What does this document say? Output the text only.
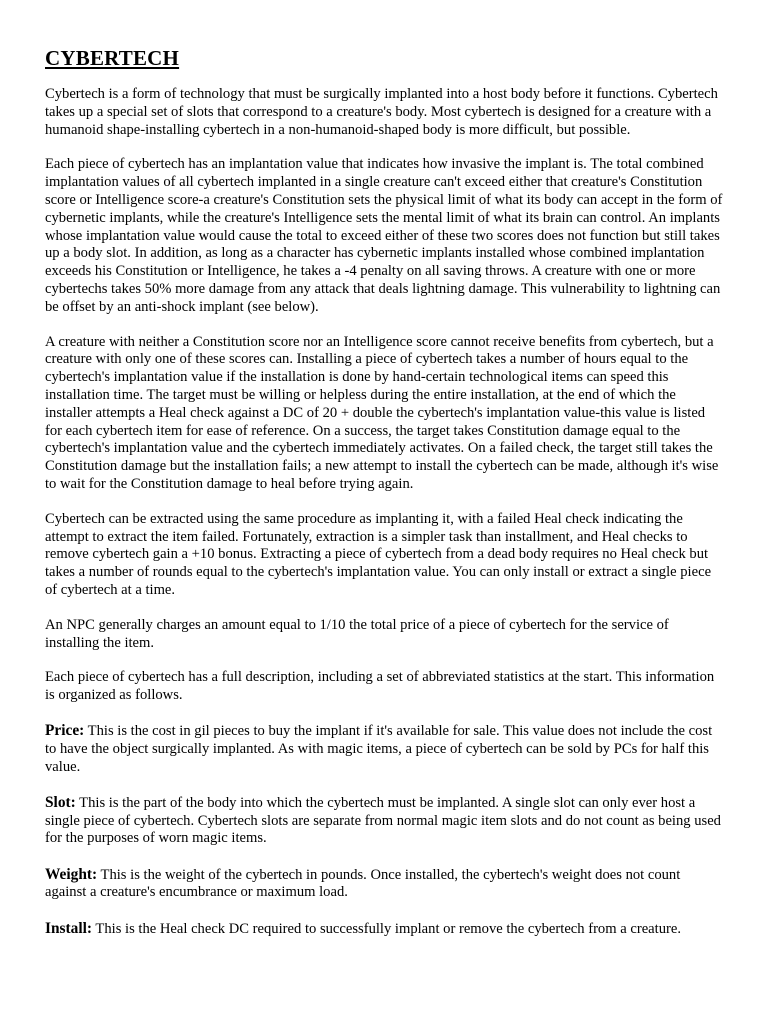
CYBERTECH

Cybertech is a form of technology that must be surgically implanted into a host body before it functions. Cybertech takes up a special set of slots that correspond to a creature's body. Most cybertech is designed for a creature with a humanoid shape-installing cybertech in a non-humanoid-shaped body is more difficult, but possible.

Each piece of cybertech has an implantation value that indicates how invasive the implant is. The total combined implantation values of all cybertech implanted in a single creature can't exceed either that creature's Constitution score or Intelligence score-a creature's Constitution sets the physical limit of what its body can accept in the form of cybernetic implants, while the creature's Intelligence sets the mental limit of what its brain can control. An implants whose implantation value would cause the total to exceed either of these two scores does not function but still takes up a body slot. In addition, as long as a character has cybernetic implants installed whose combined implantation exceeds his Constitution or Intelligence, he takes a -4 penalty on all saving throws. A creature with one or more cybertechs takes 50% more damage from any attack that deals lightning damage. This vulnerability to lightning can be offset by an anti-shock implant (see below).

A creature with neither a Constitution score nor an Intelligence score cannot receive benefits from cybertech, but a creature with only one of these scores can. Installing a piece of cybertech takes a number of hours equal to the cybertech's implantation value if the installation is done by hand-certain technological items can speed this installation time. The target must be willing or helpless during the entire installation, at the end of which the installer attempts a Heal check against a DC of 20 + double the cybertech's implantation value-this value is listed for each cybertech item for ease of reference. On a success, the target takes Constitution damage equal to the cybertech's implantation value and the cybertech immediately activates. On a failed check, the target still takes the Constitution damage but the installation fails; a new attempt to install the cybertech can be made, although it's wise to wait for the Constitution damage to heal before trying again.

Cybertech can be extracted using the same procedure as implanting it, with a failed Heal check indicating the attempt to extract the item failed. Fortunately, extraction is a simpler task than installment, and Heal checks to remove cybertech gain a +10 bonus. Extracting a piece of cybertech from a dead body requires no Heal check but takes a number of rounds equal to the cybertech's implantation value. You can only install or extract a single piece of cybertech at a time.

An NPC generally charges an amount equal to 1/10 the total price of a piece of cybertech for the service of installing the item.

Each piece of cybertech has a full description, including a set of abbreviated statistics at the start. This information is organized as follows.

Price: This is the cost in gil pieces to buy the implant if it's available for sale. This value does not include the cost to have the object surgically implanted. As with magic items, a piece of cybertech can be sold by PCs for half this value.

Slot: This is the part of the body into which the cybertech must be implanted. A single slot can only ever host a single piece of cybertech. Cybertech slots are separate from normal magic item slots and do not count as being used for the purposes of worn magic items.

Weight: This is the weight of the cybertech in pounds. Once installed, the cybertech's weight does not count against a creature's encumbrance or maximum load.

Install: This is the Heal check DC required to successfully implant or remove the cybertech from a creature.
